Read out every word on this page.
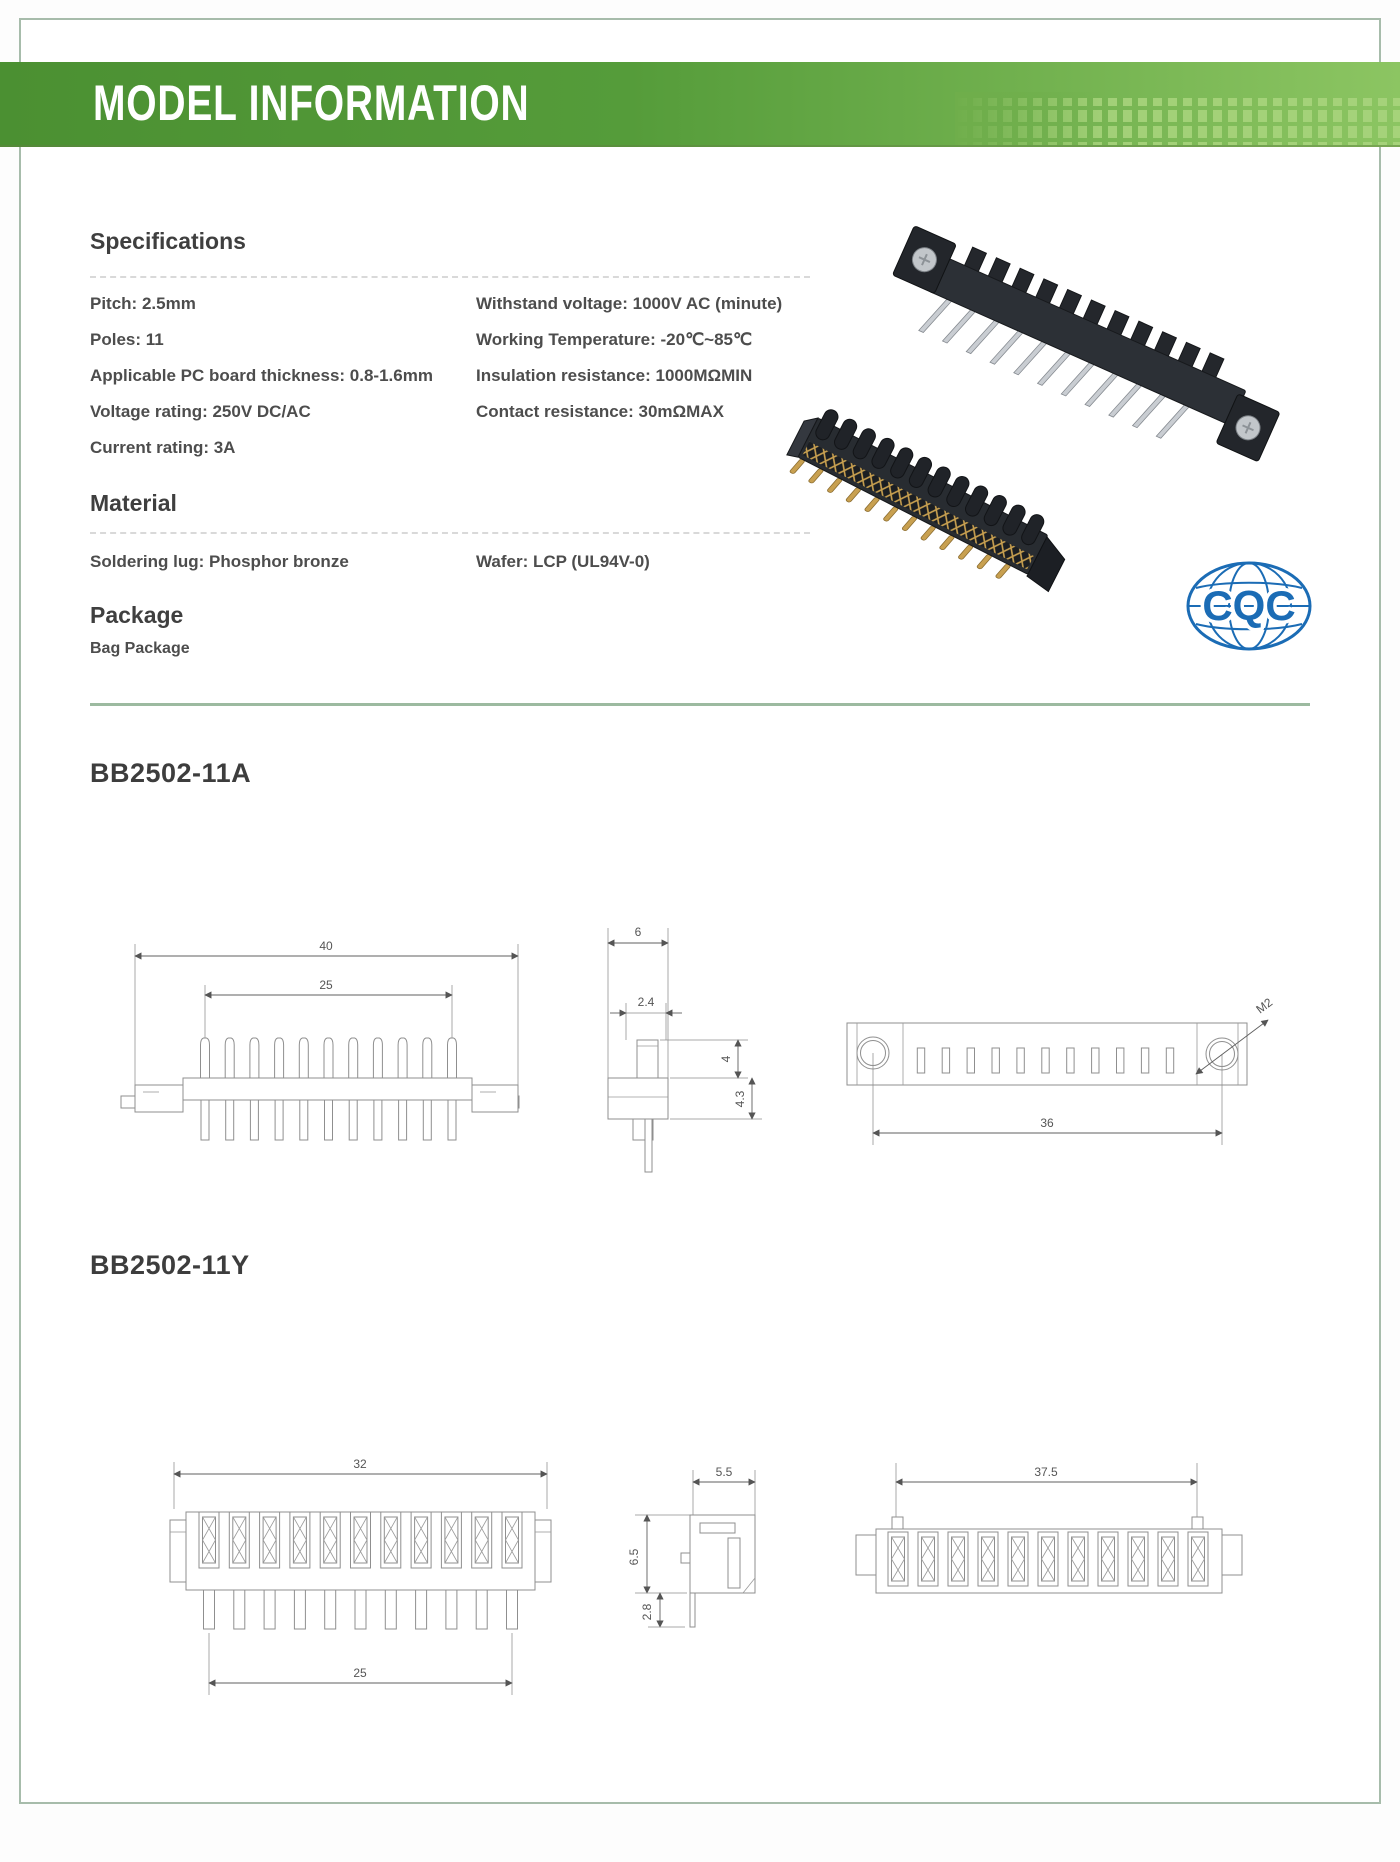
MODEL INFORMATION
Specifications
Pitch: 2.5mm
Poles: 11
Applicable PC board thickness: 0.8-1.6mm
Voltage rating: 250V DC/AC
Current rating: 3A
Withstand voltage: 1000V AC (minute)
Working Temperature: -20℃~85℃
Insulation resistance: 1000MΩMIN
Contact resistance: 30mΩMAX
Material
Soldering lug: Phosphor bronze	Wafer: LCP (UL94V-0)
Package
Bag Package
CQC
BB2502-11A
40
25
6
2.4
4
4.3
36
M2
BB2502-11Y
32
25
5.5
6.5
2.8
37.5
